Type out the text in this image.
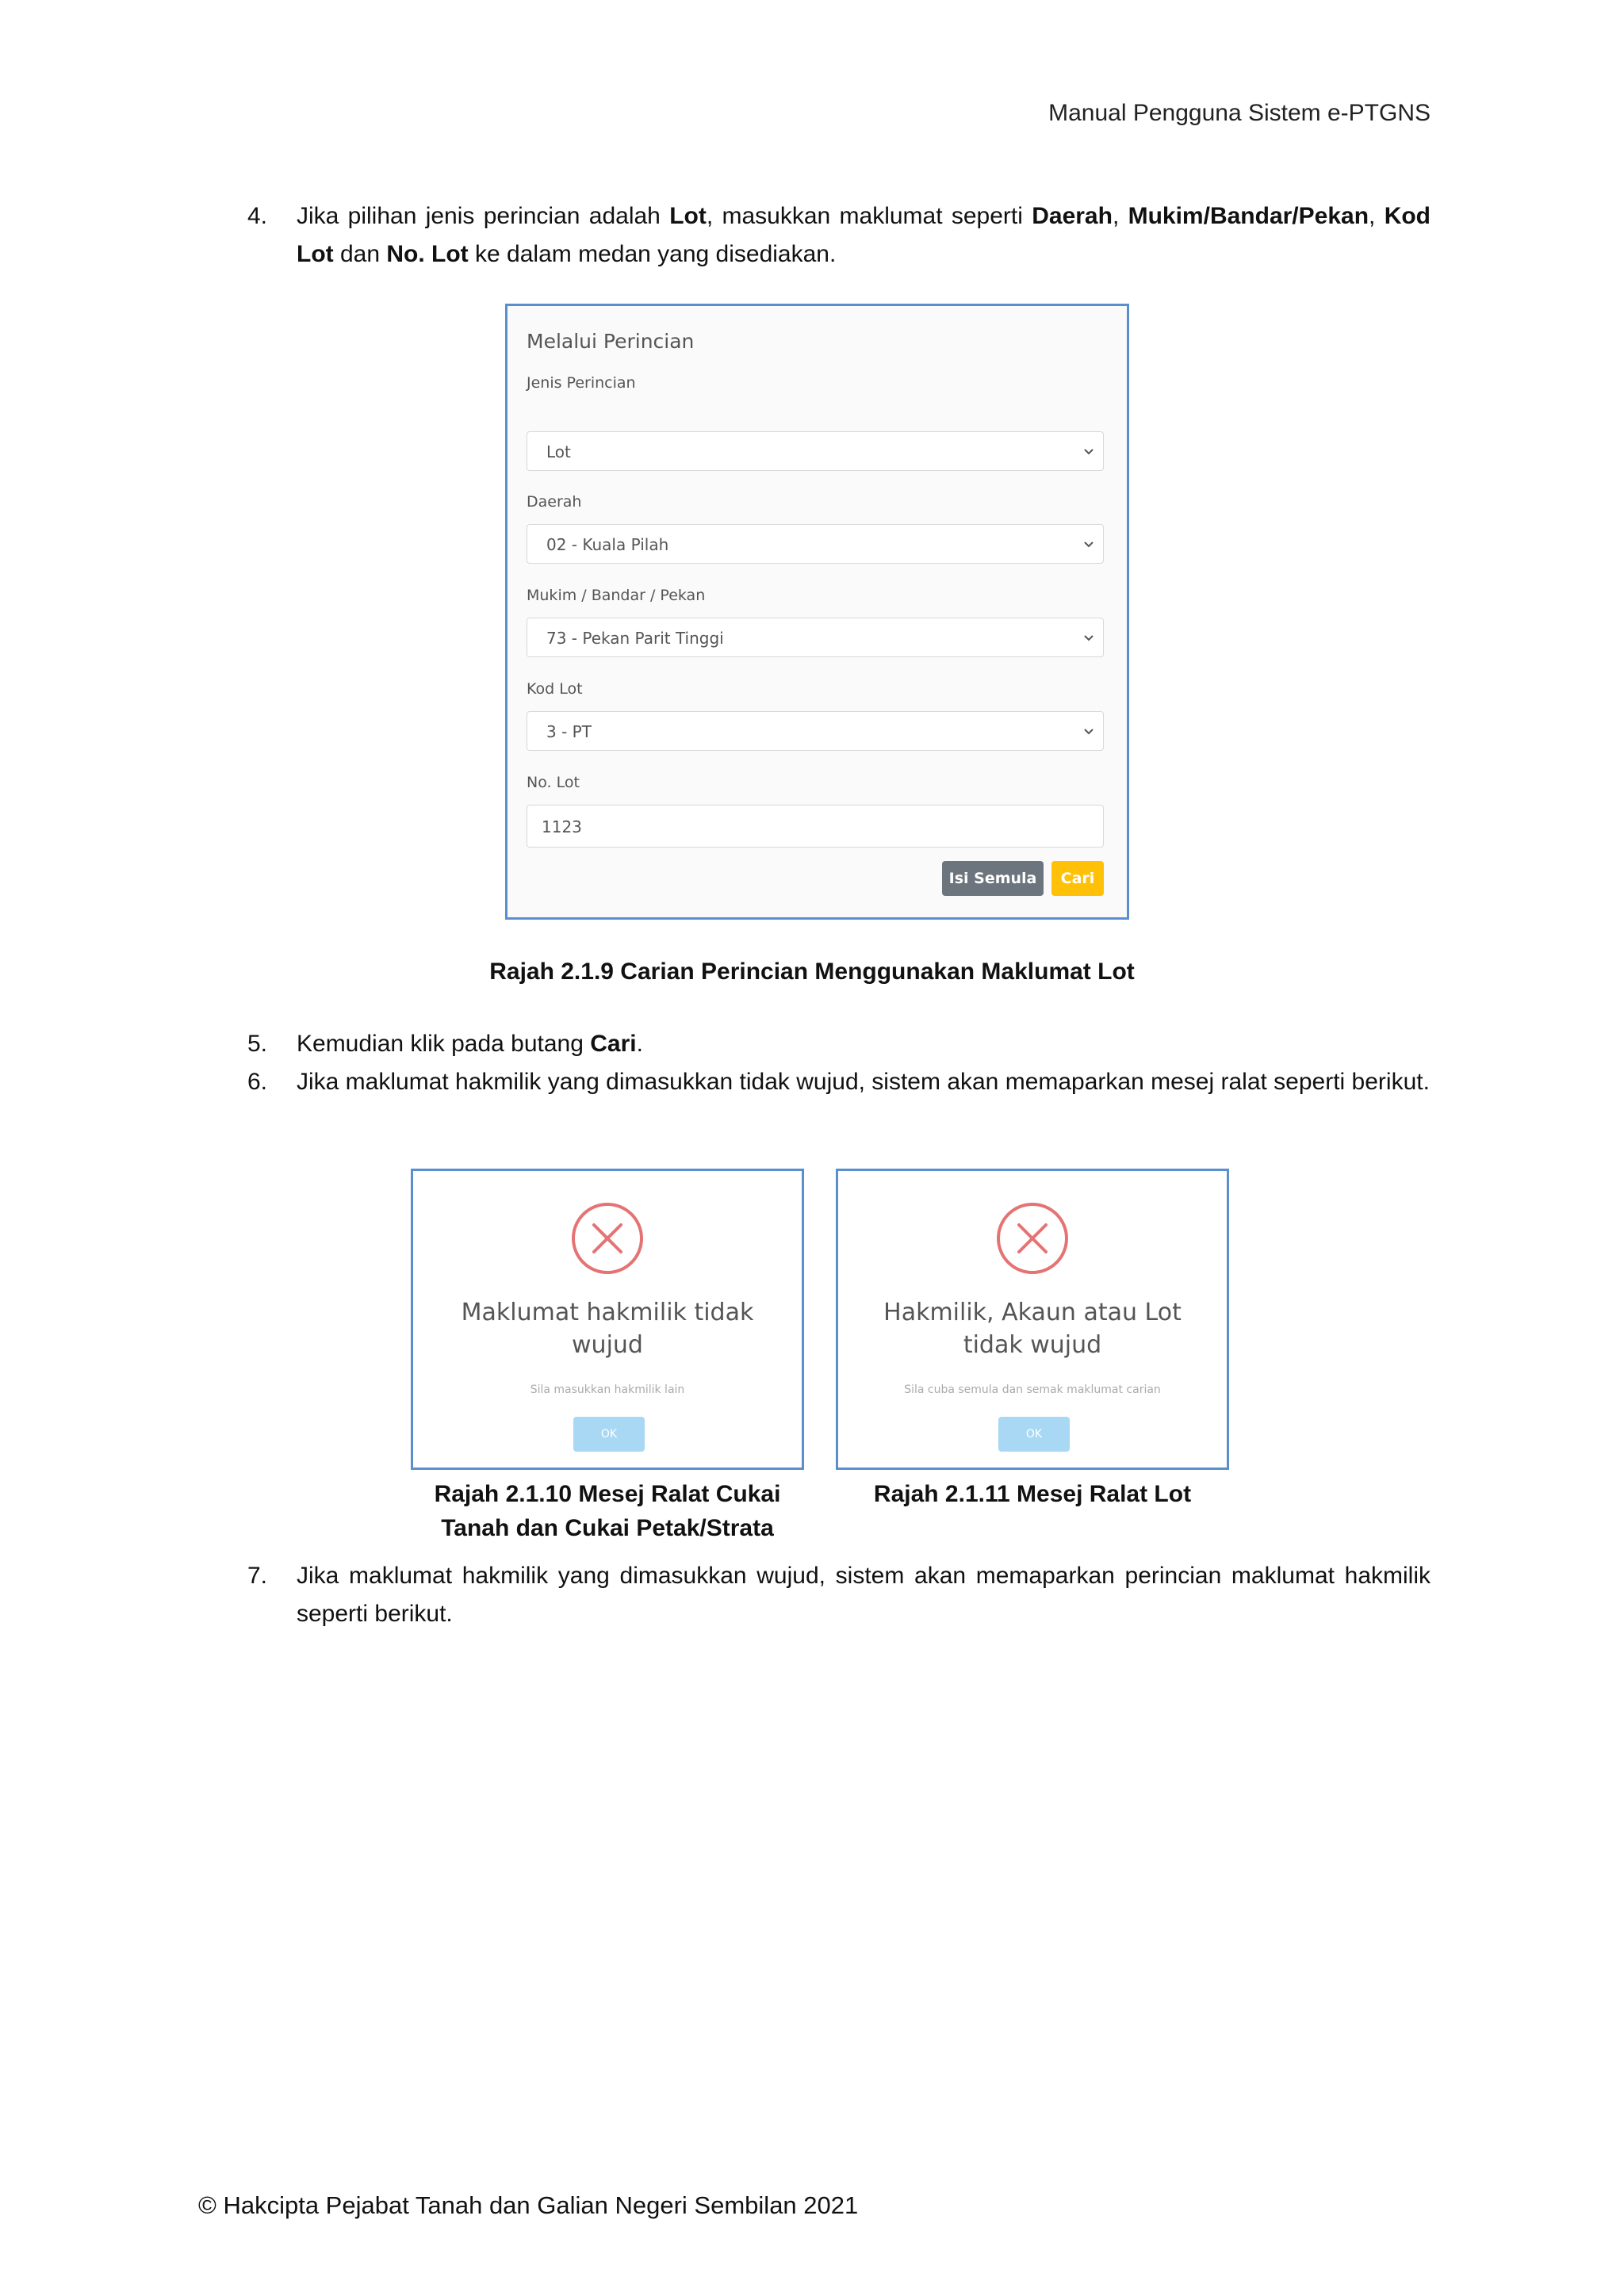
Manual Pengguna Sistem e-PTGNS
4. Jika pilihan jenis perincian adalah Lot, masukkan maklumat seperti Daerah, Mukim/Bandar/Pekan, Kod Lot dan No. Lot ke dalam medan yang disediakan.
Melalui Perincian
Jenis Perincian
Lot
Daerah
02 - Kuala Pilah
Mukim / Bandar / Pekan
73 - Pekan Parit Tinggi
Kod Lot
3 - PT
No. Lot
1123
Isi Semula	Cari
Rajah 2.1.9 Carian Perincian Menggunakan Maklumat Lot
5. Kemudian klik pada butang Cari.
6. Jika maklumat hakmilik yang dimasukkan tidak wujud, sistem akan memaparkan mesej ralat seperti berikut.
Maklumat hakmilik tidak
wujud
Sila masukkan hakmilik lain
OK
Hakmilik, Akaun atau Lot
tidak wujud
Sila cuba semula dan semak maklumat carian
OK
Rajah 2.1.10 Mesej Ralat Cukai
Tanah dan Cukai Petak/Strata
Rajah 2.1.11 Mesej Ralat Lot
7. Jika maklumat hakmilik yang dimasukkan wujud, sistem akan memaparkan perincian maklumat hakmilik seperti berikut.
© Hakcipta Pejabat Tanah dan Galian Negeri Sembilan 2021
